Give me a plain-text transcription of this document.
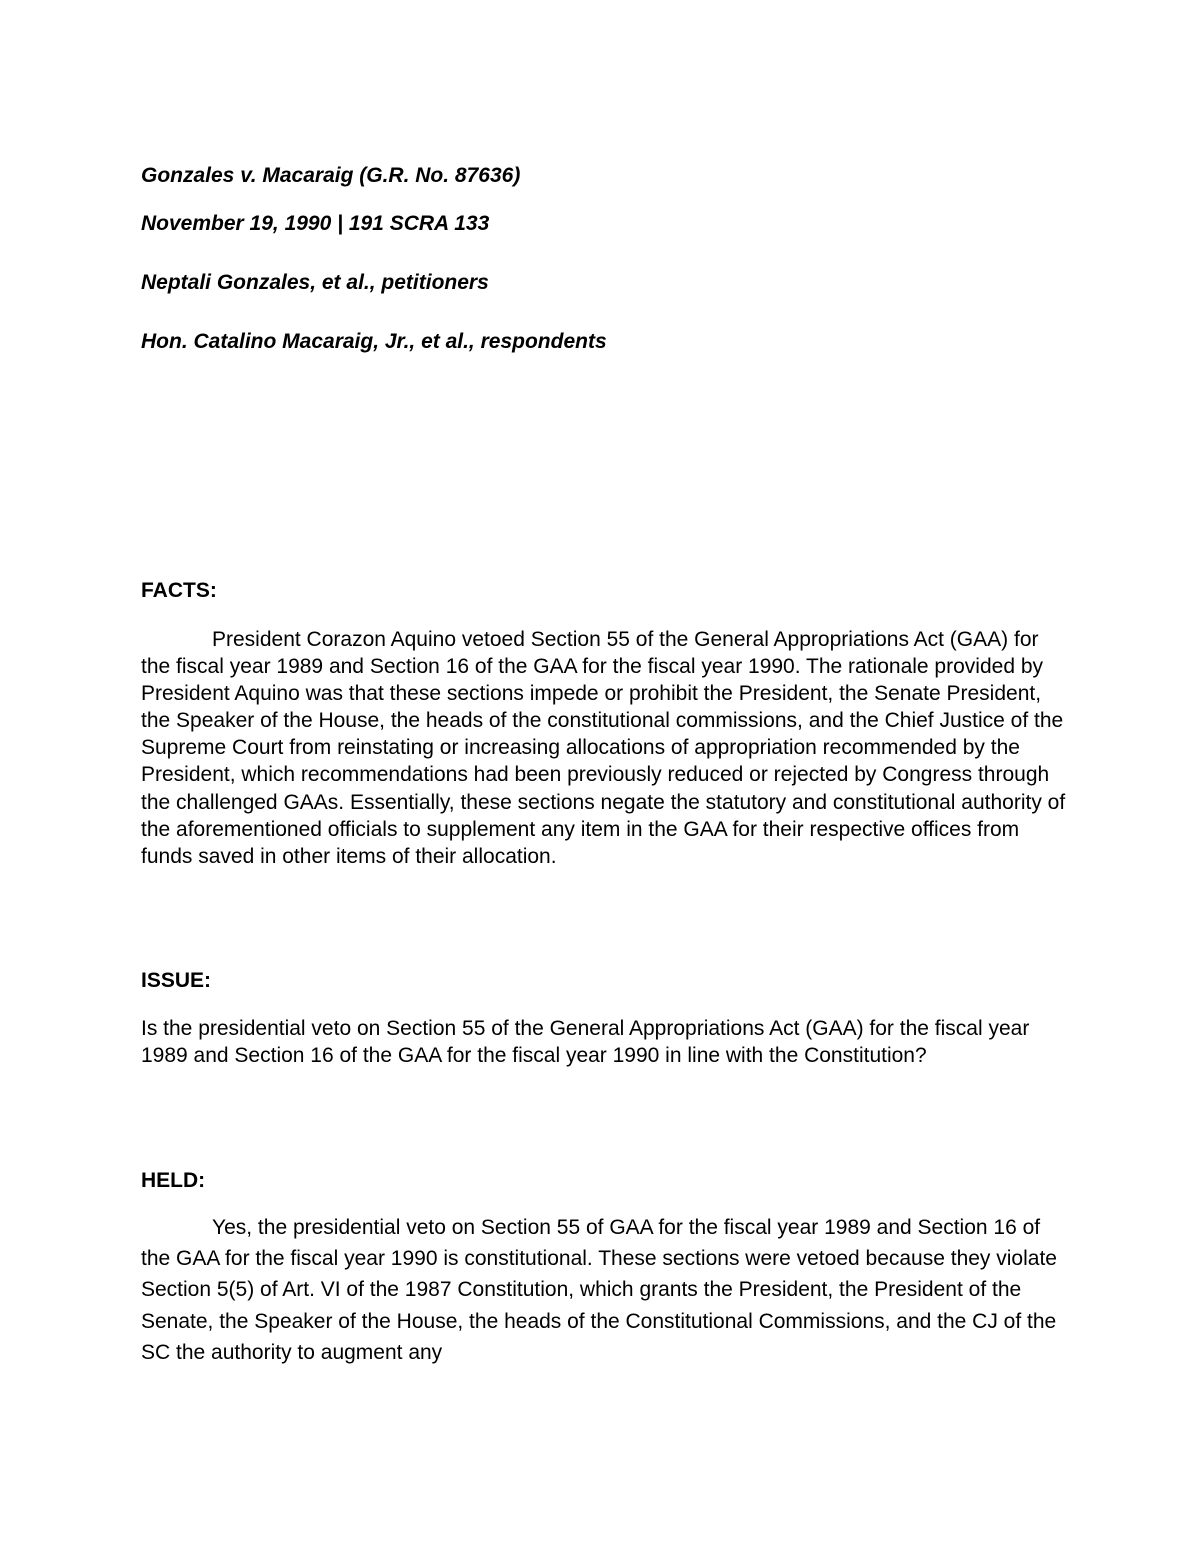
Gonzales v. Macaraig (G.R. No. 87636)

November 19, 1990 | 191 SCRA 133

Neptali Gonzales, et al., petitioners

Hon. Catalino Macaraig, Jr., et al., respondents

FACTS:

President Corazon Aquino vetoed Section 55 of the General Appropriations Act (GAA) for the fiscal year 1989 and Section 16 of the GAA for the fiscal year 1990. The rationale provided by President Aquino was that these sections impede or prohibit the President, the Senate President, the Speaker of the House, the heads of the constitutional commissions, and the Chief Justice of the Supreme Court from reinstating or increasing allocations of appropriation recommended by the President, which recommendations had been previously reduced or rejected by Congress through the challenged GAAs. Essentially, these sections negate the statutory and constitutional authority of the aforementioned officials to supplement any item in the GAA for their respective offices from funds saved in other items of their allocation.

ISSUE:

Is the presidential veto on Section 55 of the General Appropriations Act (GAA) for the fiscal year 1989 and Section 16 of the GAA for the fiscal year 1990 in line with the Constitution?

HELD:

Yes, the presidential veto on Section 55 of GAA for the fiscal year 1989 and Section 16 of the GAA for the fiscal year 1990 is constitutional. These sections were vetoed because they violate Section 5(5) of Art. VI of the 1987 Constitution, which grants the President, the President of the Senate, the Speaker of the House, the heads of the Constitutional Commissions, and the CJ of the SC the authority to augment any
